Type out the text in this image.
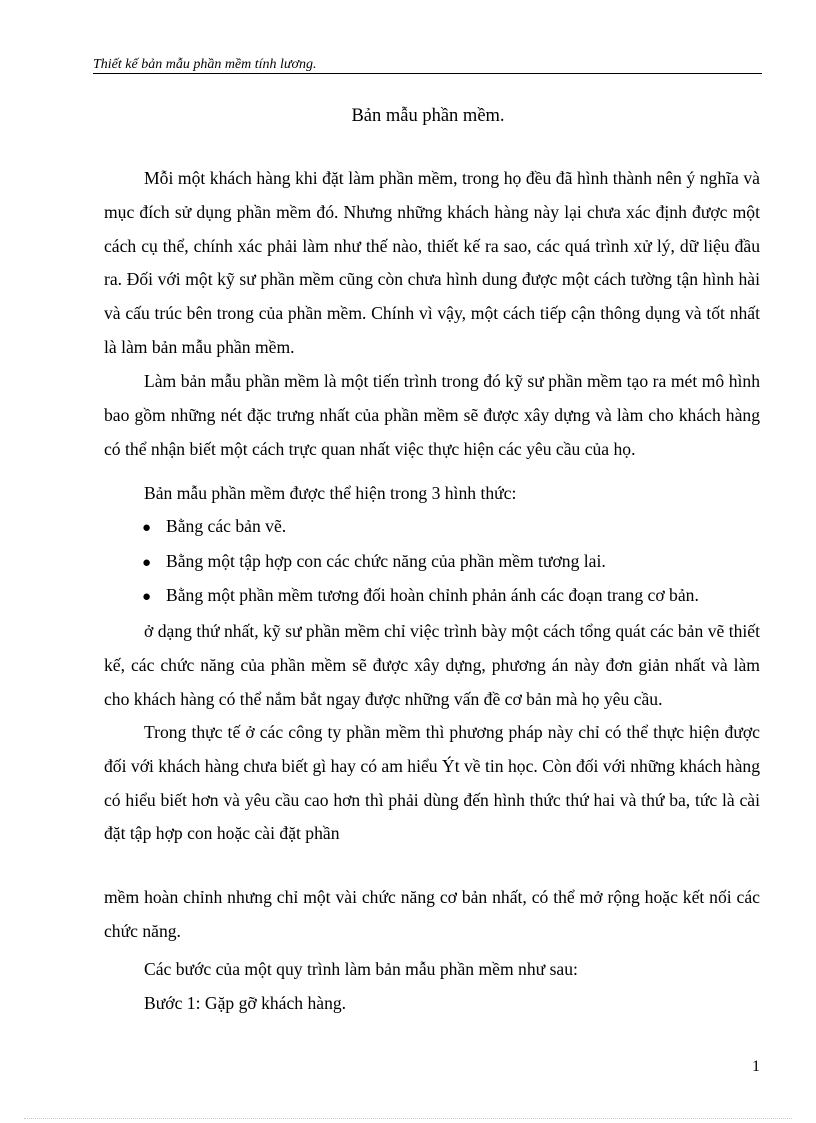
Thiết kế bản mẫu phần mềm tính lương.
Bản mẫu phần mềm.

Mỗi một khách hàng khi đặt làm phần mềm, trong họ đều đã hình thành nên ý nghĩa và mục đích sử dụng phần mềm đó. Nhưng những khách hàng này lại chưa xác định được một cách cụ thể, chính xác phải làm như thế nào, thiết kế ra sao, các quá trình xử lý, dữ liệu đầu ra. Đối với một kỹ sư phần mềm cũng còn chưa hình dung được một cách tường tận hình hài và cấu trúc bên trong của phần mềm. Chính vì vậy, một cách tiếp cận thông dụng và tốt nhất là làm bản mẫu phần mềm.

Làm bản mẫu phần mềm là một tiến trình trong đó kỹ sư phần mềm tạo ra mét mô hình bao gồm những nét đặc trưng nhất của phần mềm sẽ được xây dựng và làm cho khách hàng có thể nhận biết một cách trực quan nhất việc thực hiện các yêu cầu của họ.

Bản mẫu phần mềm được thể hiện trong 3 hình thức:
● Bằng các bản vẽ.
● Bằng một tập hợp con các chức năng của phần mềm tương lai.
● Bằng một phần mềm tương đối hoàn chỉnh phản ánh các đoạn trang cơ bản.

ở dạng thứ nhất, kỹ sư phần mềm chỉ việc trình bày một cách tổng quát các bản vẽ thiết kế, các chức năng của phần mềm sẽ được xây dựng, phương án này đơn giản nhất và làm cho khách hàng có thể nắm bắt ngay được những vấn đề cơ bản mà họ yêu cầu.

Trong thực tế ở các công ty phần mềm thì phương pháp này chỉ có thể thực hiện được đối với khách hàng chưa biết gì hay có am hiểu Ýt về tin học. Còn đối với những khách hàng có hiểu biết hơn và yêu cầu cao hơn thì phải dùng đến hình thức thứ hai và thứ ba, tức là cài đặt tập hợp con hoặc cài đặt phần

mềm hoàn chỉnh nhưng chỉ một vài chức năng cơ bản nhất, có thể mở rộng hoặc kết nối các chức năng.

Các bước của một quy trình làm bản mẫu phần mềm như sau:
Bước 1: Gặp gỡ khách hàng.
1
